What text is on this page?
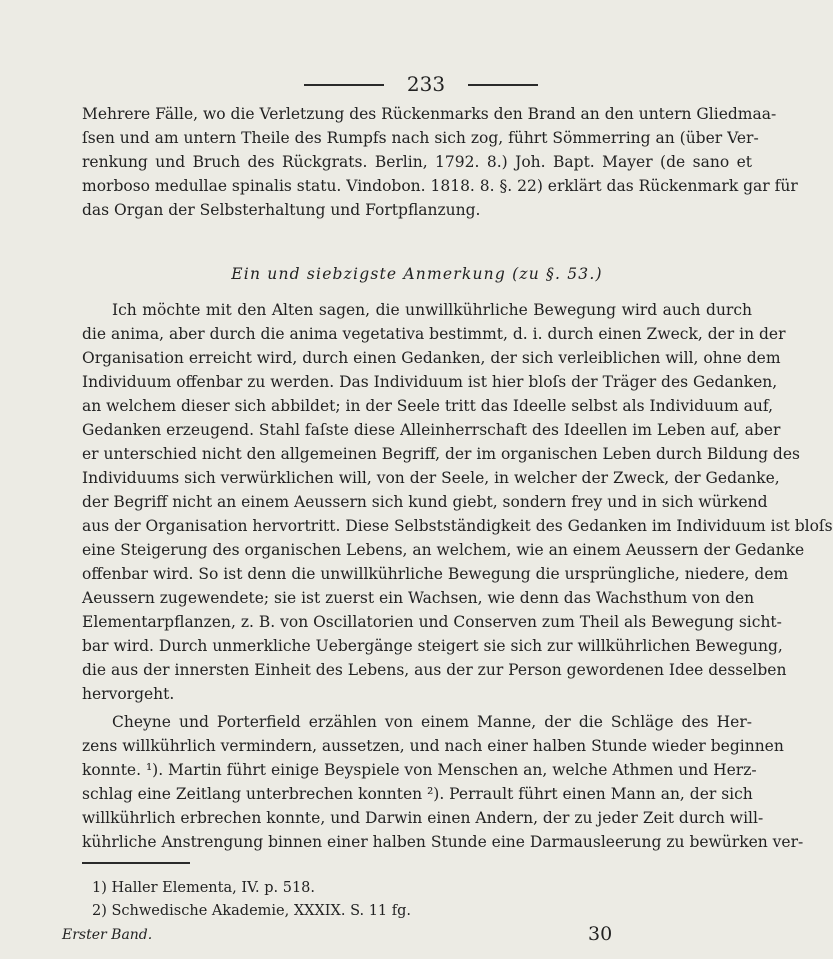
233
Mehrere Fälle, wo die Verletzung des Rückenmarks den Brand an den untern Gliedmaa-
ſsen und am untern Theile des Rumpfs nach sich zog, führt Sömmerring an (über Ver-
renkung und Bruch des Rückgrats. Berlin, 1792. 8.) Joh. Bapt. Mayer (de sano et
morboso medullae spinalis statu. Vindobon. 1818. 8. §. 22) erklärt das Rückenmark gar für
das Organ der Selbsterhaltung und Fortpflanzung.
Ein und siebzigste Anmerkung (zu §. 53.)
Ich möchte mit den Alten sagen, die unwillkührliche Bewegung wird auch durch
die anima, aber durch die anima vegetativa bestimmt, d. i. durch einen Zweck, der in der
Organisation erreicht wird, durch einen Gedanken, der sich verleiblichen will, ohne dem
Individuum offenbar zu werden. Das Individuum ist hier bloſs der Träger des Gedanken,
an welchem dieser sich abbildet; in der Seele tritt das Ideelle selbst als Individuum auf,
Gedanken erzeugend. Stahl faſste diese Alleinherrschaft des Ideellen im Leben auf, aber
er unterschied nicht den allgemeinen Begriff, der im organischen Leben durch Bildung des
Individuums sich verwürklichen will, von der Seele, in welcher der Zweck, der Gedanke,
der Begriff nicht an einem Aeussern sich kund giebt, sondern frey und in sich würkend
aus der Organisation hervortritt. Diese Selbstständigkeit des Gedanken im Individuum ist bloſs
eine Steigerung des organischen Lebens, an welchem, wie an einem Aeussern der Gedanke
offenbar wird. So ist denn die unwillkührliche Bewegung die ursprüngliche, niedere, dem
Aeussern zugewendete; sie ist zuerst ein Wachsen, wie denn das Wachsthum von den
Elementarpflanzen, z. B. von Oscillatorien und Conserven zum Theil als Bewegung sicht-
bar wird. Durch unmerkliche Uebergänge steigert sie sich zur willkührlichen Bewegung,
die aus der innersten Einheit des Lebens, aus der zur Person gewordenen Idee desselben
hervorgeht.
Cheyne und Porterfield erzählen von einem Manne, der die Schläge des Her-
zens willkührlich vermindern, aussetzen, und nach einer halben Stunde wieder beginnen
konnte. ¹). Martin führt einige Beyspiele von Menschen an, welche Athmen und Herz-
schlag eine Zeitlang unterbrechen konnten ²). Perrault führt einen Mann an, der sich
willkührlich erbrechen konnte, und Darwin einen Andern, der zu jeder Zeit durch will-
kührliche Anstrengung binnen einer halben Stunde eine Darmausleerung zu bewürken ver-
1) Haller Elementa, IV. p. 518.
2) Schwedische Akademie, XXXIX. S. 11 fg.
Erster Band.	30
